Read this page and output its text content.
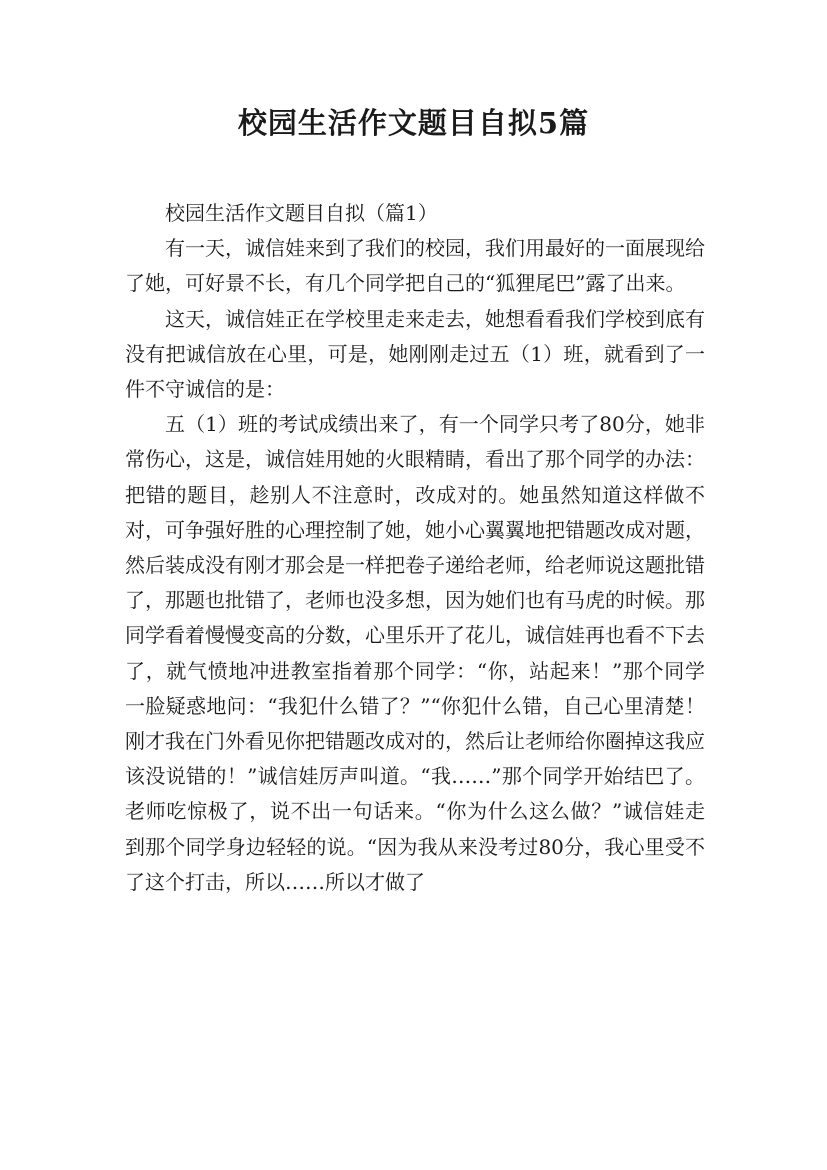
校园生活作文题目自拟5篇

校园生活作文题目自拟（篇1）

有一天，诚信娃来到了我们的校园，我们用最好的一面展现给了她，可好景不长，有几个同学把自己的“狐狸尾巴”露了出来。

这天，诚信娃正在学校里走来走去，她想看看我们学校到底有没有把诚信放在心里，可是，她刚刚走过五（1）班，就看到了一件不守诚信的是：

五（1）班的考试成绩出来了，有一个同学只考了80分，她非常伤心，这是，诚信娃用她的火眼精睛，看出了那个同学的办法：把错的题目，趁别人不注意时，改成对的。她虽然知道这样做不对，可争强好胜的心理控制了她，她小心翼翼地把错题改成对题，然后装成没有刚才那会是一样把卷子递给老师，给老师说这题批错了，那题也批错了，老师也没多想，因为她们也有马虎的时候。那同学看着慢慢变高的分数，心里乐开了花儿，诚信娃再也看不下去了，就气愤地冲进教室指着那个同学：“你，站起来！”那个同学一脸疑惑地问：“我犯什么错了？”“你犯什么错，自己心里清楚！刚才我在门外看见你把错题改成对的，然后让老师给你圈掉这我应该没说错的！”诚信娃厉声叫道。“我……”那个同学开始结巴了。老师吃惊极了，说不出一句话来。“你为什么这么做？”诚信娃走到那个同学身边轻轻的说。“因为我从来没考过80分，我心里受不了这个打击，所以……所以才做了
